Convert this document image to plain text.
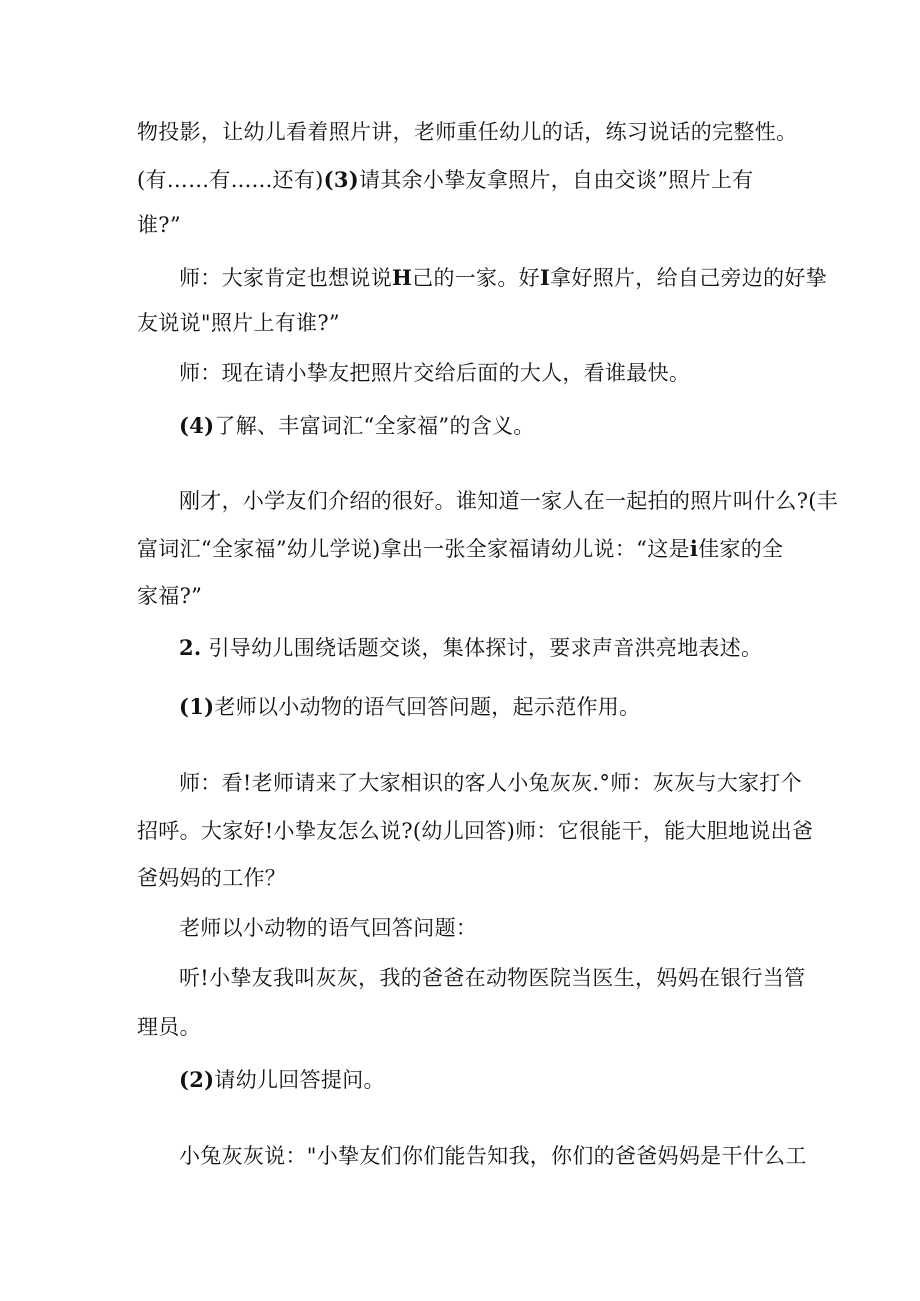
物投影，让幼儿看着照片讲，老师重任幼儿的话，练习说话的完整性。
(有……有......还有)(3)请其余小挚友拿照片，自由交谈”照片上有
谁?”
师：大家肯定也想说说H己的一家。好I拿好照片，给自己旁边的好挚
友说说"照片上有谁?”
师：现在请小挚友把照片交给后面的大人，看谁最快。
(4)了解、丰富词汇“全家福”的含义。
刚才，小学友们介绍的很好。谁知道一家人在一起拍的照片叫什么?(丰
富词汇“全家福”幼儿学说)拿出一张全家福请幼儿说：“这是i佳家的全
家福?”
2. 引导幼儿围绕话题交谈，集体探讨，要求声音洪亮地表述。
(1)老师以小动物的语气回答问题，起示范作用。
师：看!老师请来了大家相识的客人小兔灰灰.°师：灰灰与大家打个
招呼。大家好!小挚友怎么说?(幼儿回答)师：它很能干，能大胆地说出爸
爸妈妈的工作？
老师以小动物的语气回答问题：
听!小挚友我叫灰灰，我的爸爸在动物医院当医生，妈妈在银行当管
理员。
(2)请幼儿回答提问。
小兔灰灰说："小挚友们你们能告知我，你们的爸爸妈妈是干什么工
